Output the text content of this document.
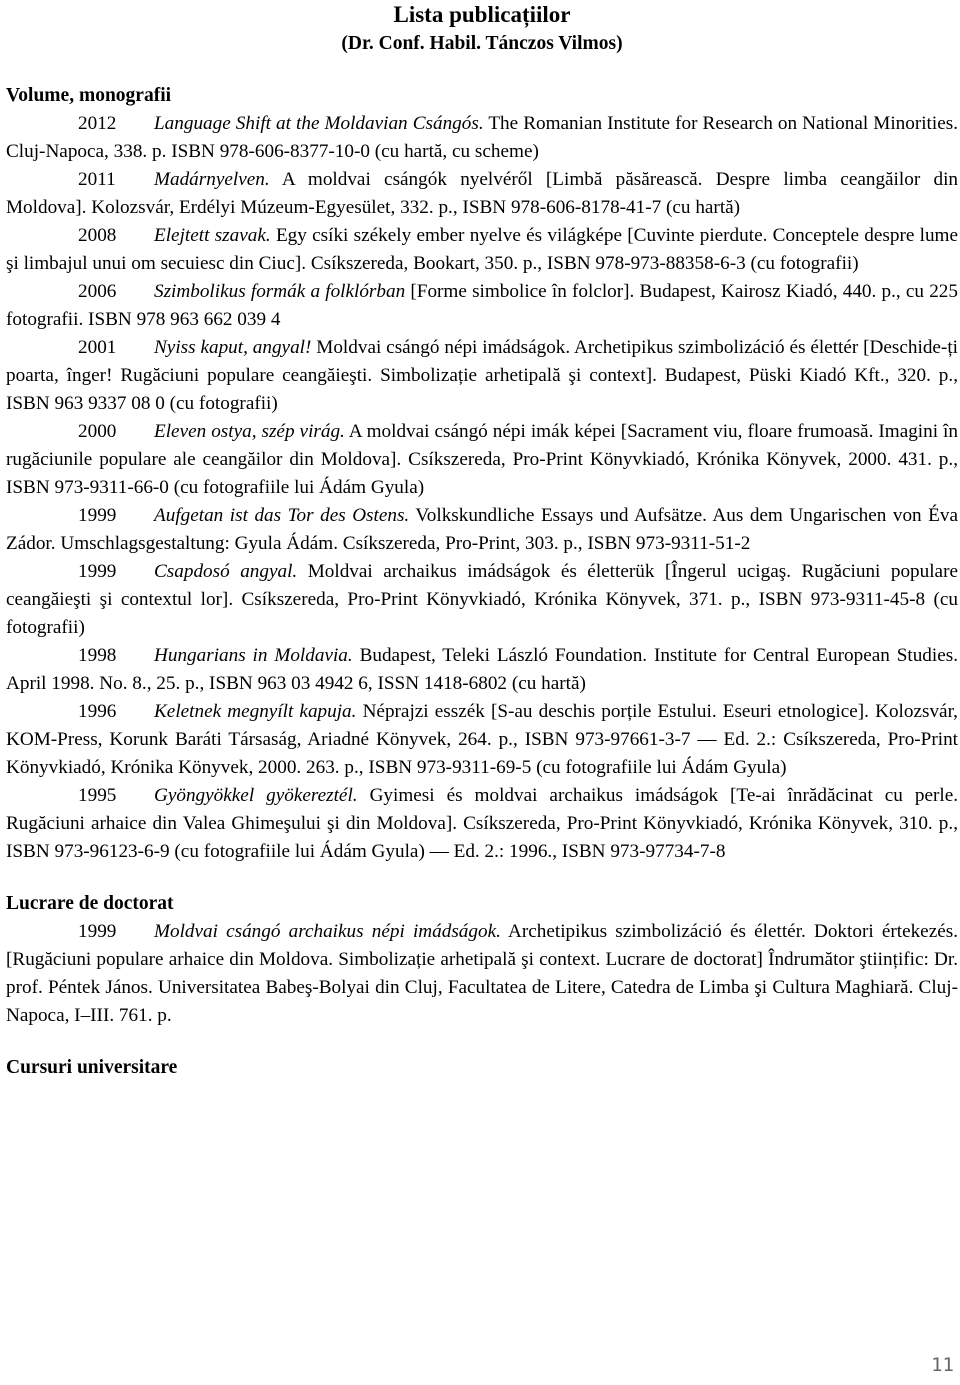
Lista publicațiilor
(Dr. Conf. Habil. Tánczos Vilmos)

Volume, monografii

2012 Language Shift at the Moldavian Csángós. The Romanian Institute for Research on National Minorities. Cluj-Napoca, 338. p. ISBN 978-606-8377-10-0 (cu hartă, cu scheme)

2011 Madárnyelven. A moldvai csángók nyelvéről [Limbă păsărească. Despre limba ceangăilor din Moldova]. Kolozsvár, Erdélyi Múzeum-Egyesület, 332. p., ISBN 978-606-8178-41-7 (cu hartă)

2008 Elejtett szavak. Egy csíki székely ember nyelve és világképe [Cuvinte pierdute. Conceptele despre lume şi limbajul unui om secuiesc din Ciuc]. Csíkszereda, Bookart, 350. p., ISBN 978-973-88358-6-3 (cu fotografii)

2006 Szimbolikus formák a folklórban [Forme simbolice în folclor]. Budapest, Kairosz Kiadó, 440. p., cu 225 fotografii. ISBN 978 963 662 039 4

2001 Nyiss kaput, angyal! Moldvai csángó népi imádságok. Archetipikus szimbolizáció és élettér [Deschide-ți poarta, înger! Rugăciuni populare ceangăieşti. Simbolizație arhetipală şi context]. Budapest, Püski Kiadó Kft., 320. p., ISBN 963 9337 08 0 (cu fotografii)

2000 Eleven ostya, szép virág. A moldvai csángó népi imák képei [Sacrament viu, floare frumoasă. Imagini în rugăciunile populare ale ceangăilor din Moldova]. Csíkszereda, Pro-Print Könyvkiadó, Krónika Könyvek, 2000. 431. p., ISBN 973-9311-66-0 (cu fotografiile lui Ádám Gyula)

1999 Aufgetan ist das Tor des Ostens. Volkskundliche Essays und Aufsätze. Aus dem Ungarischen von Éva Zádor. Umschlagsgestaltung: Gyula Ádám. Csíkszereda, Pro-Print, 303. p., ISBN 973-9311-51-2

1999 Csapdosó angyal. Moldvai archaikus imádságok és életterük [Îngerul ucigaş. Rugăciuni populare ceangăieşti şi contextul lor]. Csíkszereda, Pro-Print Könyvkiadó, Krónika Könyvek, 371. p., ISBN 973-9311-45-8 (cu fotografii)

1998 Hungarians in Moldavia. Budapest, Teleki László Foundation. Institute for Central European Studies. April 1998. No. 8., 25. p., ISBN 963 03 4942 6, ISSN 1418-6802 (cu hartă)

1996 Keletnek megnyílt kapuja. Néprajzi esszék [S-au deschis porțile Estului. Eseuri etnologice]. Kolozsvár, KOM-Press, Korunk Baráti Társaság, Ariadné Könyvek, 264. p., ISBN 973-97661-3-7 ― Ed. 2.: Csíkszereda, Pro-Print Könyvkiadó, Krónika Könyvek, 2000. 263. p., ISBN 973-9311-69-5 (cu fotografiile lui Ádám Gyula)

1995 Gyöngyökkel gyökereztél. Gyimesi és moldvai archaikus imádságok [Te-ai înrădăcinat cu perle. Rugăciuni arhaice din Valea Ghimeşului şi din Moldova]. Csíkszereda, Pro-Print Könyvkiadó, Krónika Könyvek, 310. p., ISBN 973-96123-6-9 (cu fotografiile lui Ádám Gyula) ― Ed. 2.: 1996., ISBN 973-97734-7-8

Lucrare de doctorat

1999 Moldvai csángó archaikus népi imádságok. Archetipikus szimbolizáció és élettér. Doktori értekezés. [Rugăciuni populare arhaice din Moldova. Simbolizație arhetipală şi context. Lucrare de doctorat] Îndrumător ştiințific: Dr. prof. Péntek János. Universitatea Babeş-Bolyai din Cluj, Facultatea de Litere, Catedra de Limba şi Cultura Maghiară. Cluj-Napoca, I–III. 761. p.

Cursuri universitare

11
